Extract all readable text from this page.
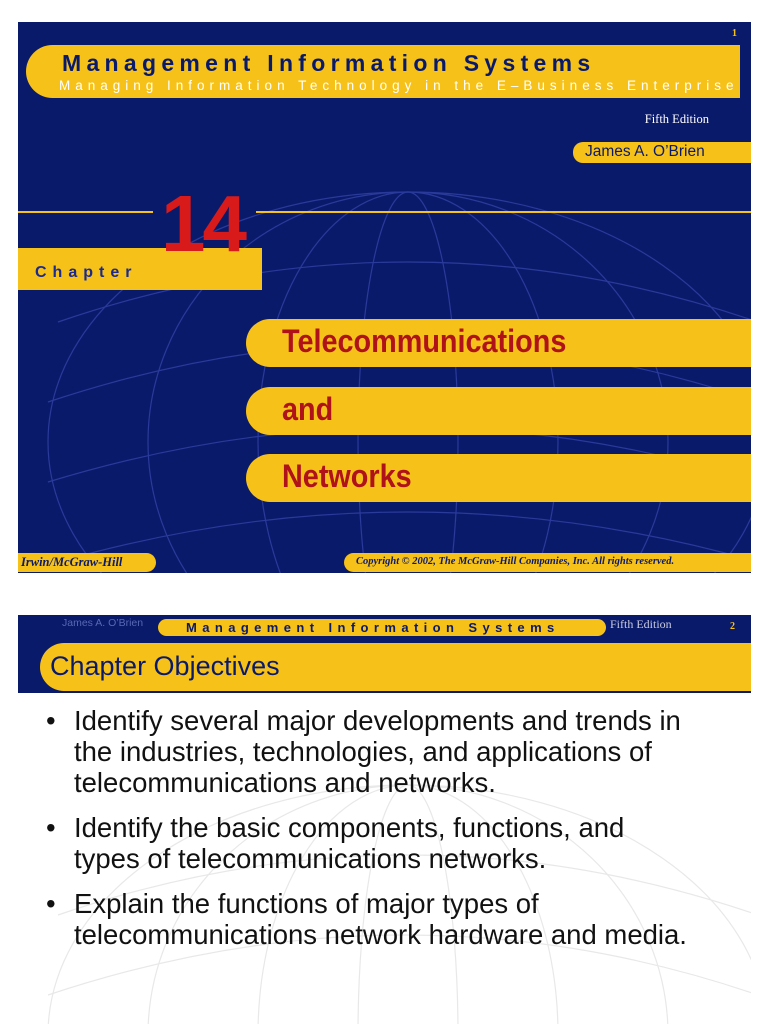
1
Management Information Systems
Managing Information Technology in the E–Business Enterprise
Fifth Edition
James A. O’Brien
Chapter
14
Telecommunications
and
Networks
Irwin/McGraw-Hill	Copyright © 2002, The McGraw-Hill Companies, Inc. All rights reserved.
James A. O’Brien	Management Information Systems	Fifth Edition	2
Chapter Objectives
• Identify several major developments and trends in the industries, technologies, and applications of telecommunications and networks.
• Identify the basic components, functions, and types of telecommunications networks.
• Explain the functions of major types of telecommunications network hardware and media.
